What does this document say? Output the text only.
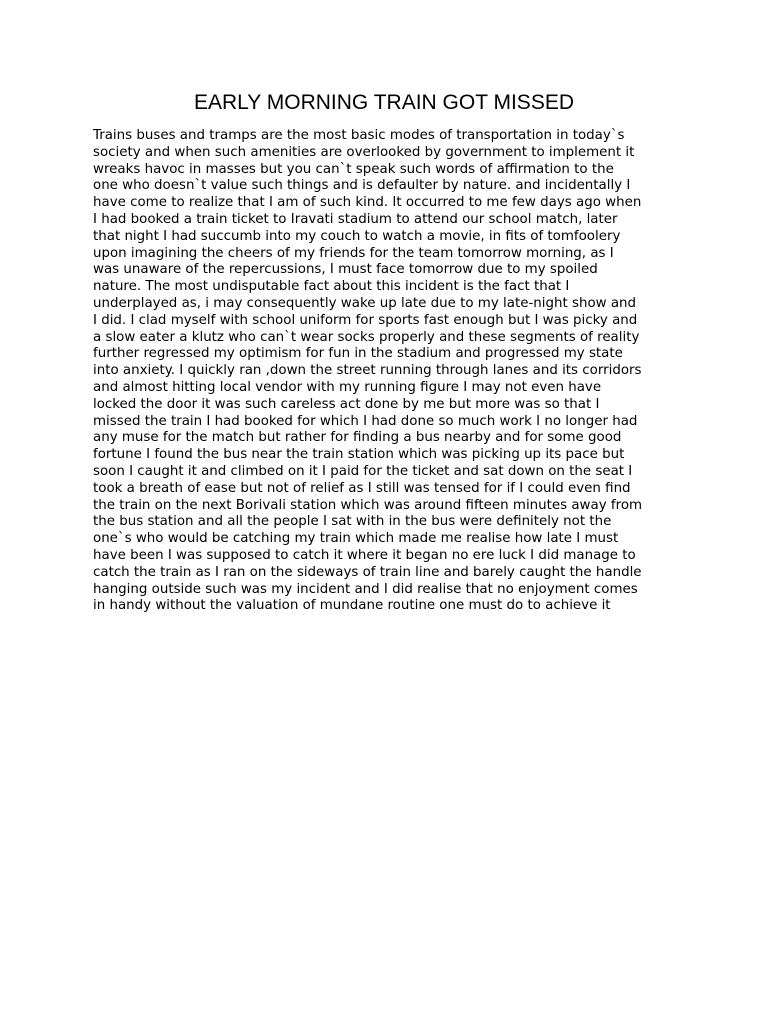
EARLY MORNING TRAIN GOT MISSED
Trains buses and tramps are the most basic modes of transportation in today`s
society and when such amenities are overlooked by government to implement it
wreaks havoc in masses but you can`t speak such words of affirmation to the
one who doesn`t value such things and is defaulter by nature. and incidentally I
have come to realize that I am of such kind. It occurred to me few days ago when
I had booked a train ticket to Iravati stadium to attend our school match, later
that night I had succumb into my couch to watch a movie, in fits of tomfoolery
upon imagining the cheers of my friends for the team tomorrow morning, as I
was unaware of the repercussions, I must face tomorrow due to my spoiled
nature. The most undisputable fact about this incident is the fact that I
underplayed as, i may consequently wake up late due to my late-night show and
I did. I clad myself with school uniform for sports fast enough but I was picky and
a slow eater a klutz who can`t wear socks properly and these segments of reality
further regressed my optimism for fun in the stadium and progressed my state
into anxiety. I quickly ran ,down the street running through lanes and its corridors
and almost hitting local vendor with my running figure I may not even have
locked the door it was such careless act done by me but more was so that I
missed the train I had booked for which I had done so much work I no longer had
any muse for the match but rather for finding a bus nearby and for some good
fortune I found the bus near the train station which was picking up its pace but
soon I caught it and climbed on it I paid for the ticket and sat down on the seat I
took a breath of ease but not of relief as I still was tensed for if I could even find
the train on the next Borivali station which was around fifteen minutes away from
the bus station and all the people I sat with in the bus were definitely not the
one`s who would be catching my train which made me realise how late I must
have been I was supposed to catch it where it began no ere luck I did manage to
catch the train as I ran on the sideways of train line and barely caught the handle
hanging outside such was my incident and I did realise that no enjoyment comes
in handy without the valuation of mundane routine one must do to achieve it
